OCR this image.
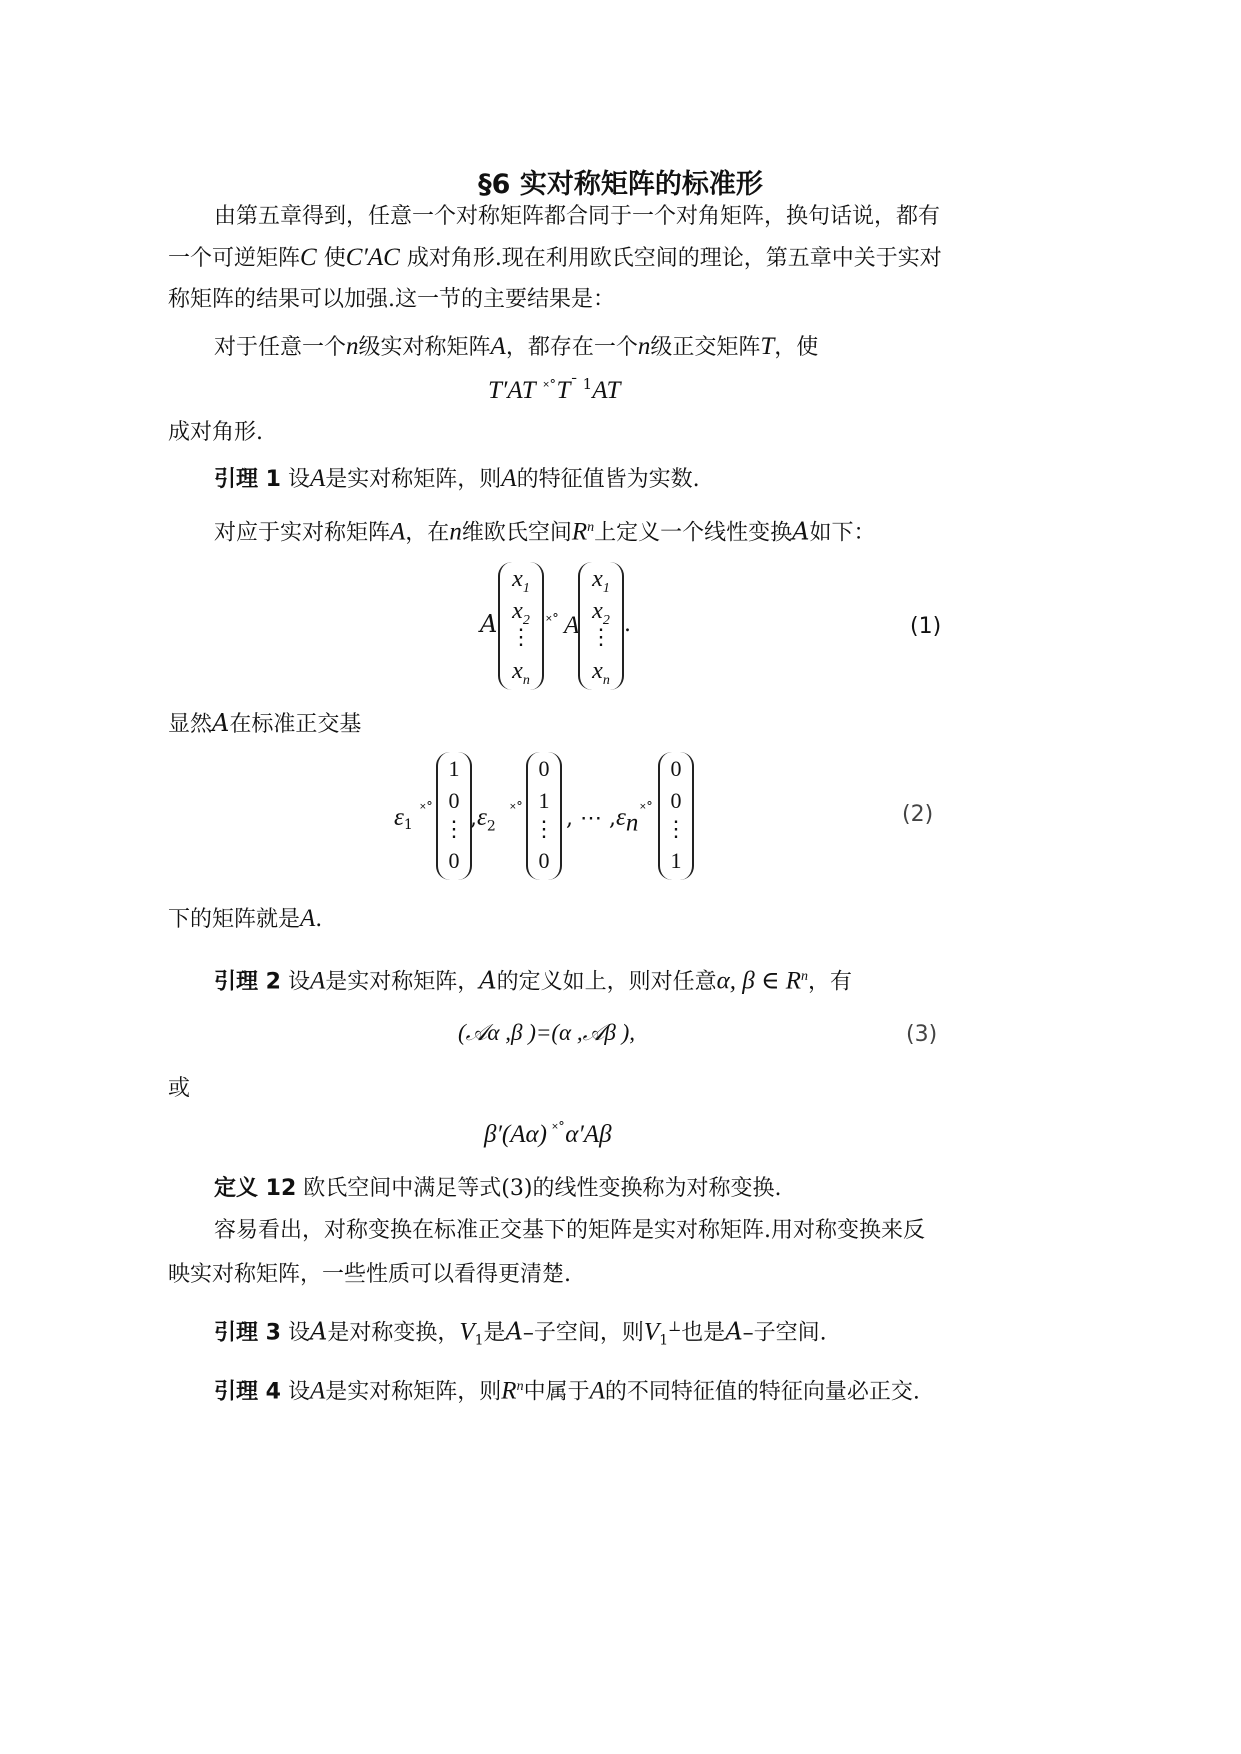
§6 实对称矩阵的标准形
由第五章得到，任意一个对称矩阵都合同于一个对角矩阵，换句话说，都有
一个可逆矩阵C 使C′AC 成对角形.现在利用欧氏空间的理论，第五章中关于实对
称矩阵的结果可以加强.这一节的主要结果是：
对于任意一个n级实对称矩阵A，都存在一个n级正交矩阵T，使
T′AT $^{˟˚}T^{ˉ 1}AT$
成对角形.
引理 1 设A是实对称矩阵，则A的特征值皆为实数.
对应于实对称矩阵A，在n维欧氏空间$R^n$上定义一个线性变换A如下：
A
$x_1$
$x_2$
⋮
$x_n$
˟˚ A
$x_1$
$x_2$
⋮
$x_n$
.	(1)
显然A在标准正交基
$\varepsilon_1$
˟˚
1
0
⋮
0
$,\varepsilon_2$
˟˚
0
1
⋮
0
, ⋯ $,\varepsilon_n$
˟˚
0
0
⋮
1
(2)
下的矩阵就是A.
引理 2 设A是实对称矩阵，A的定义如上，则对任意α, β ∈ $R^n$，有
(𝒜α ,β )=(α ,𝒜β ),	(3)
或
β′(Aα) ˟˚α′Aβ
定义 12 欧氏空间中满足等式(3)的线性变换称为对称变换.
容易看出，对称变换在标准正交基下的矩阵是实对称矩阵.用对称变换来反
映实对称矩阵，一些性质可以看得更清楚.
引理 3 设A是对称变换，$V_1$是A–子空间，则$V_1^\perp$也是A–子空间.
引理 4 设A是实对称矩阵，则$R^n$中属于A的不同特征值的特征向量必正交.
